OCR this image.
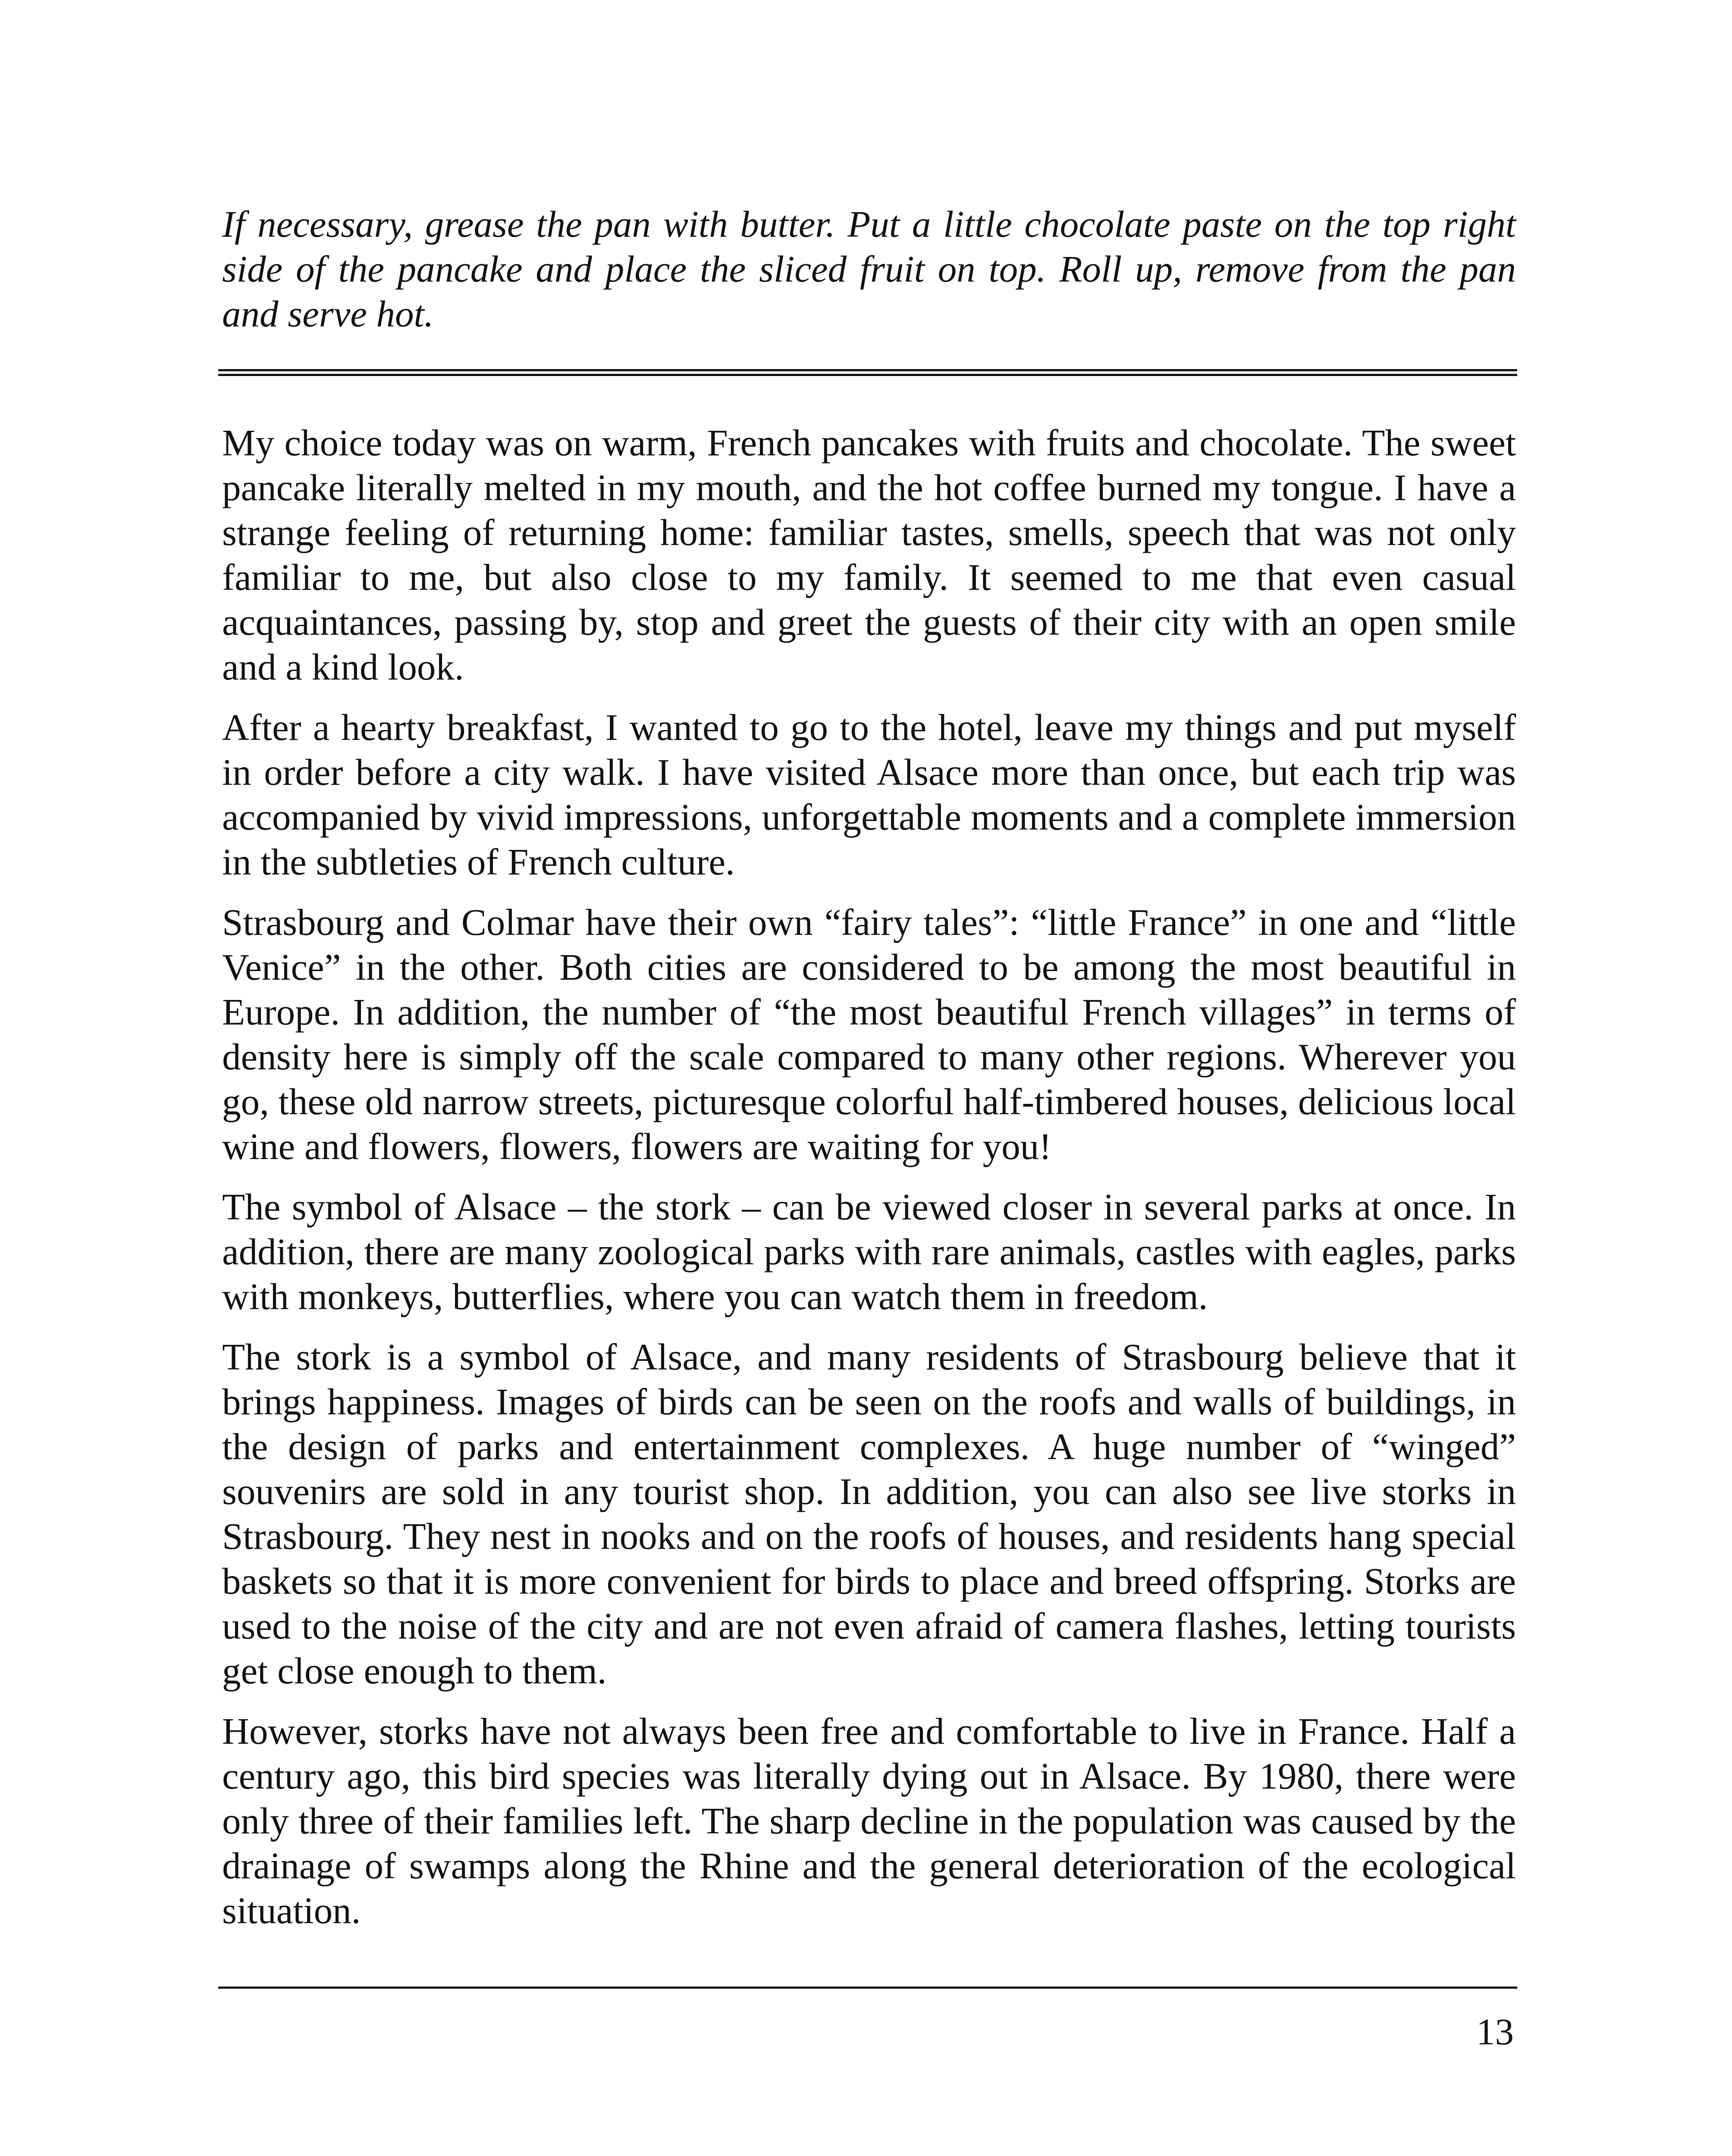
If necessary, grease the pan with butter. Put a little chocolate paste on the top right side of the pancake and place the sliced fruit on top. Roll up, remove from the pan and serve hot.

My choice today was on warm, French pancakes with fruits and chocolate. The sweet pancake literally melted in my mouth, and the hot coffee burned my tongue. I have a strange feeling of returning home: familiar tastes, smells, speech that was not only familiar to me, but also close to my family. It seemed to me that even casual acquaintances, passing by, stop and greet the guests of their city with an open smile and a kind look.

After a hearty breakfast, I wanted to go to the hotel, leave my things and put myself in order before a city walk. I have visited Alsace more than once, but each trip was accompanied by vivid impressions, unforgettable moments and a complete immersion in the subtleties of French culture.

Strasbourg and Colmar have their own “fairy tales”: “little France” in one and “little Venice” in the other. Both cities are considered to be among the most beautiful in Europe. In addition, the number of “the most beautiful French villages” in terms of density here is simply off the scale compared to many other regions. Wherever you go, these old narrow streets, picturesque colorful half-timbered houses, delicious local wine and flowers, flowers, flowers are waiting for you!

The symbol of Alsace – the stork – can be viewed closer in several parks at once. In addition, there are many zoological parks with rare animals, castles with eagles, parks with monkeys, butterflies, where you can watch them in freedom.

The stork is a symbol of Alsace, and many residents of Strasbourg believe that it brings happiness. Images of birds can be seen on the roofs and walls of buildings, in the design of parks and entertainment complexes. A huge number of “winged” souvenirs are sold in any tourist shop. In addition, you can also see live storks in Strasbourg. They nest in nooks and on the roofs of houses, and residents hang special baskets so that it is more convenient for birds to place and breed offspring. Storks are used to the noise of the city and are not even afraid of camera flashes, letting tourists get close enough to them.

However, storks have not always been free and comfortable to live in France. Half a century ago, this bird species was literally dying out in Alsace. By 1980, there were only three of their families left. The sharp decline in the population was caused by the drainage of swamps along the Rhine and the general deterioration of the ecological situation.

13
